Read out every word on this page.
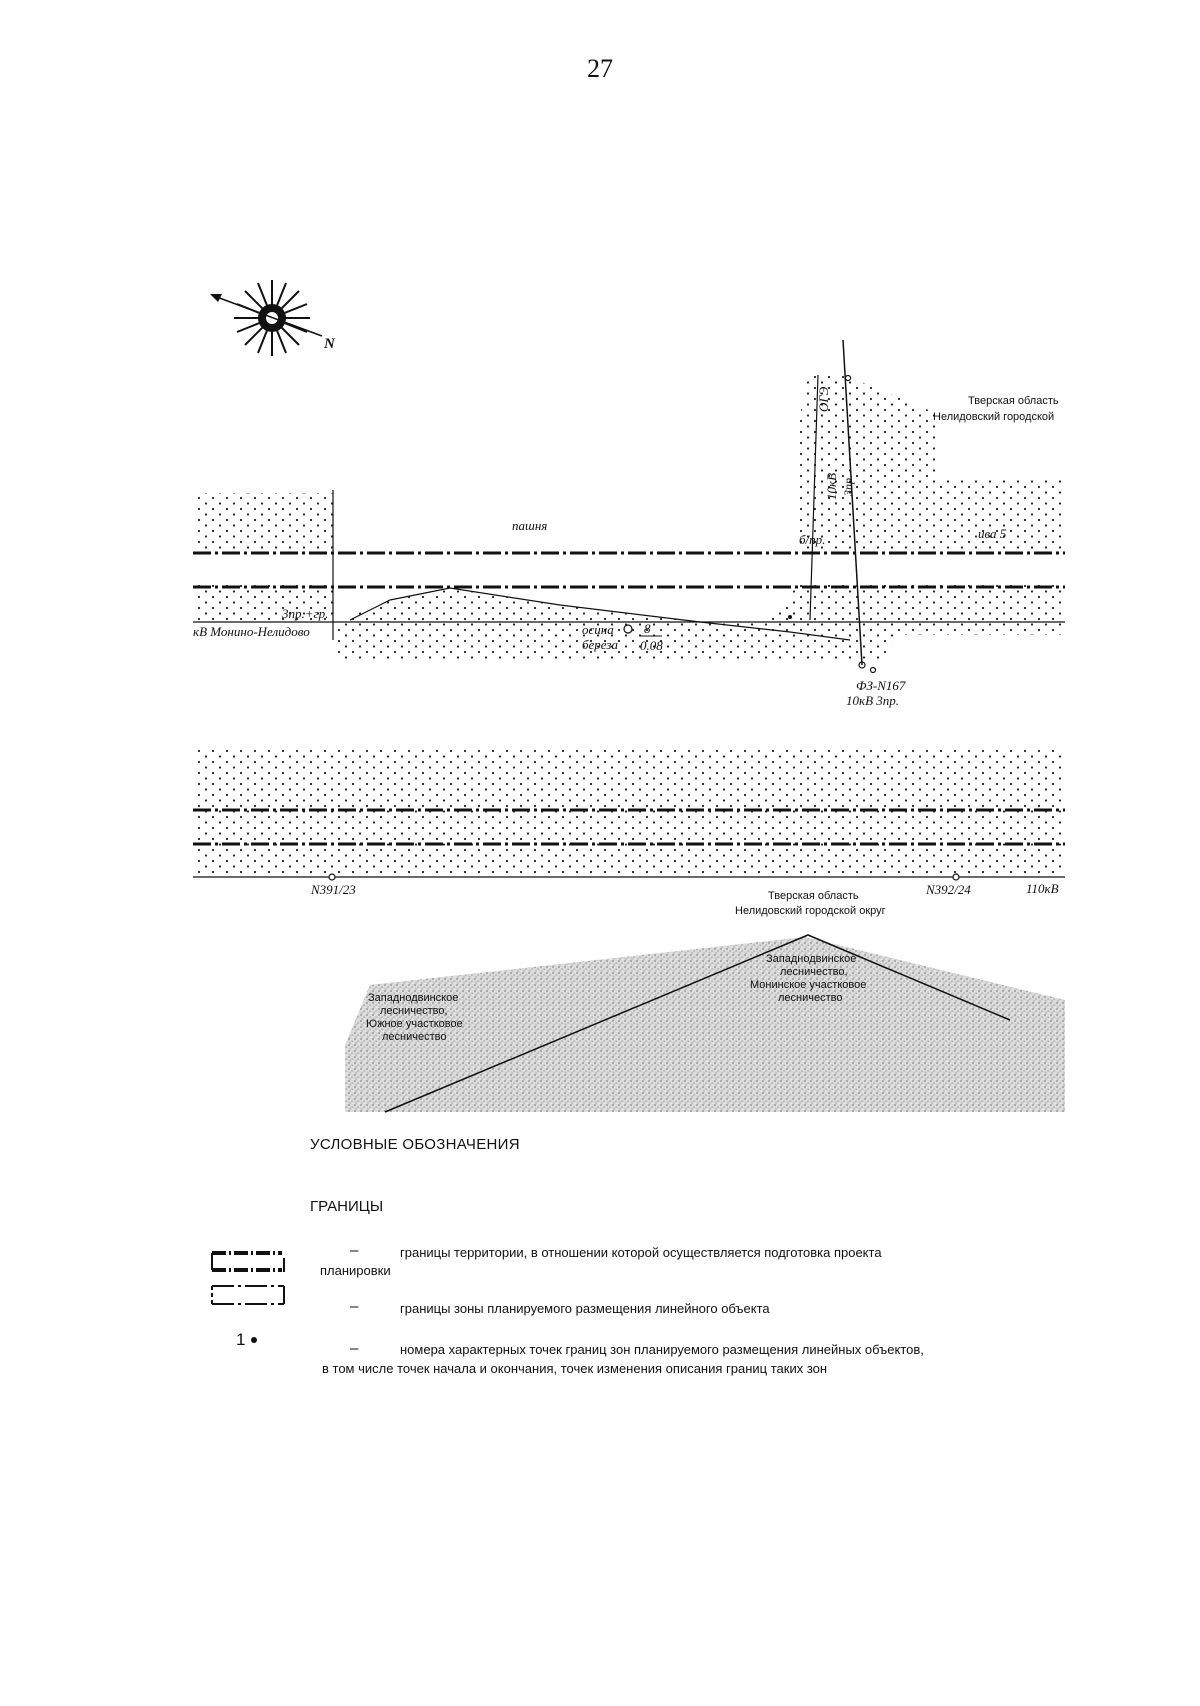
27
N
пашня
Тверская область
Нелидовский городской
ива 5
б/пр.
3пр.+гр.
кВ Монино-Нелидово	осина
береза
8
0.08
10кВ 3пр.
ОГЭ
ФЗ-N167
10кВ 3пр.
N391/23	N392/24	110кВ
Тверская область
Нелидовский городской округ
Западнодвинское
лесничество,
Южное участковое
лесничество
Западнодвинское
лесничество,
Монинское участковое
лесничество
1
УСЛОВНЫЕ ОБОЗНАЧЕНИЯ
ГРАНИЦЫ
–	границы территории, в отношении которой осуществляется подготовка проекта
планировки
–	границы зоны планируемого размещения линейного объекта
–	номера характерных точек границ зон планируемого размещения линейных объектов,
в том числе точек начала и окончания, точек изменения описания границ таких зон
